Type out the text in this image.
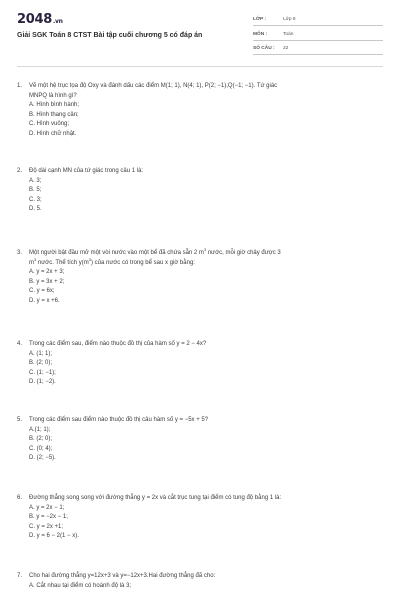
2048.vn
Giải SGK Toán 8 CTST Bài tập cuối chương 5 có đáp án
LỚP :	Lớp 8
MÔN :	Toán
SỐ CÂU : 22
1. Vẽ một hệ trục tọa độ Oxy và đánh dấu các điểm M(1; 1), N(4; 1), P(2; −1),Q(−1; −1). Tứ giác
MNPQ là hình gì?
A. Hình bình hành;
B. Hình thang cân;
C. Hình vuông;
D. Hình chữ nhật.
2. Độ dài cạnh MN của tứ giác trong câu 1 là:
A. 3;
B. 5;
C. 3;
D. 5.
3. Một người bật đầu mở một vòi nước vào một bể đã chứa sẵn 2 $m^3$ nước, mỗi giờ chảy được 3
$m^3$ nước. Thể tích $y(m^3)$ của nước có trong bể sau x giờ bằng:
A. y = 2x + 3;
B. y = 3x + 2;
C. y = 6x;
D. y = x +6.
4. Trong các điểm sau, điểm nào thuộc đồ thị của hàm số y = 2 − 4x?
A. (1; 1);
B. (2; 0);
C. (1; −1);
D. (1; −2).
5. Trong các điểm sau điểm nào thuộc đồ thị cảu hàm số y = −5x + 5?
A.(1; 1);
B. (2; 0);
C. (0; 4);
D. (2; −5).
6. Đường thẳng song song với đường thẳng y = 2x và cắt trục tung tại điểm có tung độ bằng 1 là:
A. y = 2x − 1;
B. y = −2x − 1;
C. y = 2x +1;
D. y = 6 − 2(1 − x).
7. Cho hai đường thẳng y=12x+3 và y=−12x+3.Hai đường thẳng đã cho:
A. Cắt nhau tại điểm có hoành độ là 3;
